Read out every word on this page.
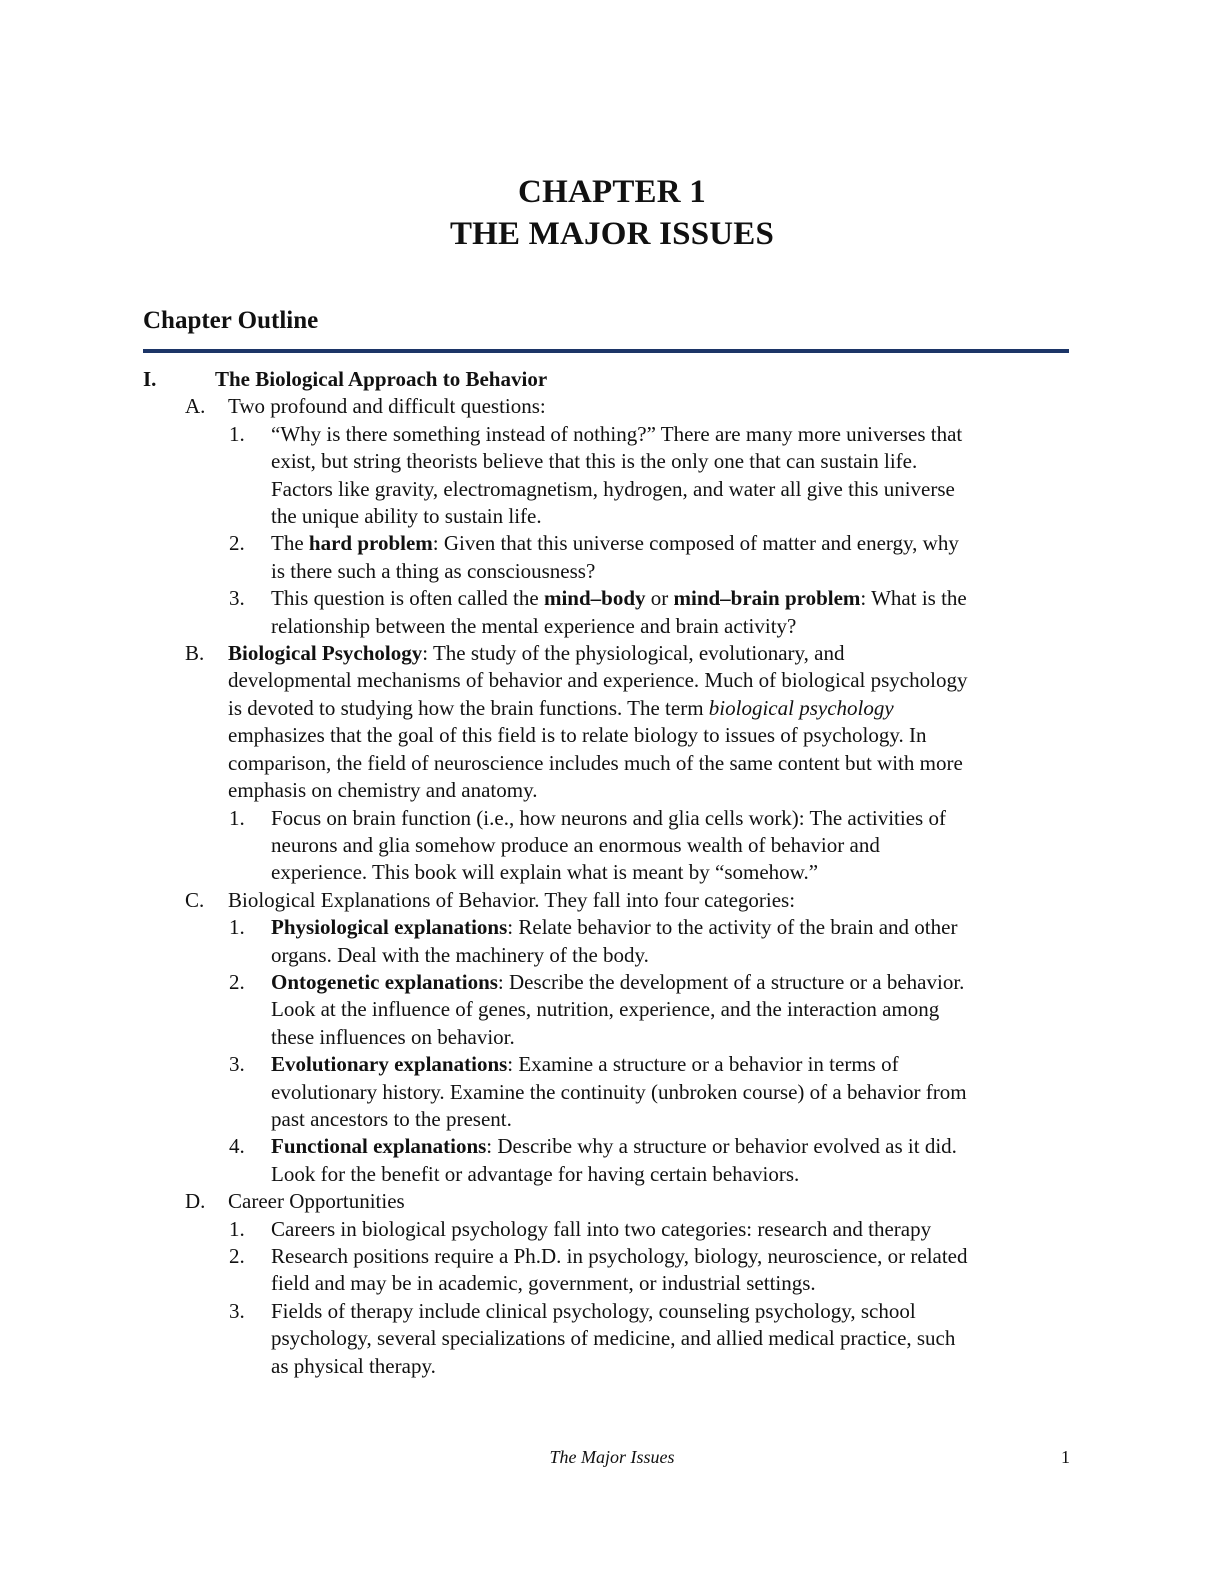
CHAPTER 1
THE MAJOR ISSUES
Chapter Outline
I.	The Biological Approach to Behavior
A. Two profound and difficult questions:
1. “Why is there something instead of nothing?” There are many more universes that
exist, but string theorists believe that this is the only one that can sustain life.
Factors like gravity, electromagnetism, hydrogen, and water all give this universe
the unique ability to sustain life.
2. The hard problem: Given that this universe composed of matter and energy, why
is there such a thing as consciousness?
3. This question is often called the mind–body or mind–brain problem: What is the
relationship between the mental experience and brain activity?
B. Biological Psychology: The study of the physiological, evolutionary, and
developmental mechanisms of behavior and experience. Much of biological psychology
is devoted to studying how the brain functions. The term biological psychology
emphasizes that the goal of this field is to relate biology to issues of psychology. In
comparison, the field of neuroscience includes much of the same content but with more
emphasis on chemistry and anatomy.
1. Focus on brain function (i.e., how neurons and glia cells work): The activities of
neurons and glia somehow produce an enormous wealth of behavior and
experience. This book will explain what is meant by “somehow.”
C. Biological Explanations of Behavior. They fall into four categories:
1. Physiological explanations: Relate behavior to the activity of the brain and other
organs. Deal with the machinery of the body.
2. Ontogenetic explanations: Describe the development of a structure or a behavior.
Look at the influence of genes, nutrition, experience, and the interaction among
these influences on behavior.
3. Evolutionary explanations: Examine a structure or a behavior in terms of
evolutionary history. Examine the continuity (unbroken course) of a behavior from
past ancestors to the present.
4. Functional explanations: Describe why a structure or behavior evolved as it did.
Look for the benefit or advantage for having certain behaviors.
D. Career Opportunities
1. Careers in biological psychology fall into two categories: research and therapy
2. Research positions require a Ph.D. in psychology, biology, neuroscience, or related
field and may be in academic, government, or industrial settings.
3. Fields of therapy include clinical psychology, counseling psychology, school
psychology, several specializations of medicine, and allied medical practice, such
as physical therapy.
The Major Issues	1
